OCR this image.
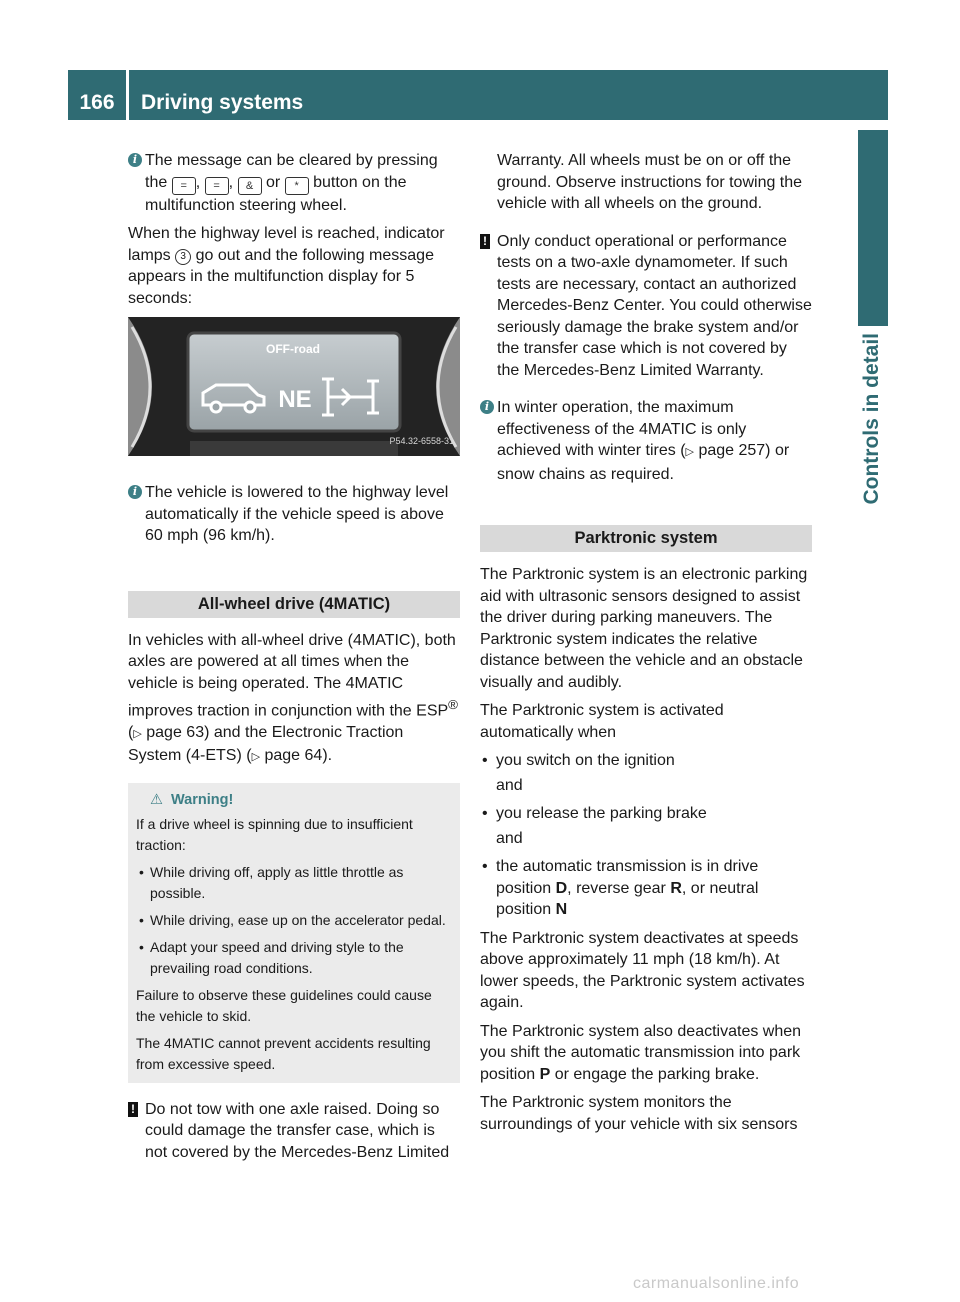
166	Driving systems
Controls in detail
i The message can be cleared by pressing the = , = , & or * button on the multifunction steering wheel.

When the highway level is reached, indicator lamps 3 go out and the following message appears in the multifunction display for 5 seconds:

OFF-road
NE
P54.32-6558-31
i The vehicle is lowered to the highway level automatically if the vehicle speed is above 60 mph (96 km/h).
All-wheel drive (4MATIC)

In vehicles with all-wheel drive (4MATIC), both axles are powered at all times when the vehicle is being operated. The 4MATIC improves traction in conjunction with the ESP® (▷ page 63) and the Electronic Traction System (4-ETS) (▷ page 64).

⚠ Warning!

If a drive wheel is spinning due to insufficient traction:

• While driving off, apply as little throttle as possible.
• While driving, ease up on the accelerator pedal.
• Adapt your speed and driving style to the prevailing road conditions.

Failure to observe these guidelines could cause the vehicle to skid.

The 4MATIC cannot prevent accidents resulting from excessive speed.

! Do not tow with one axle raised. Doing so could damage the transfer case, which is not covered by the Mercedes-Benz Limited
Warranty. All wheels must be on or off the ground. Observe instructions for towing the vehicle with all wheels on the ground.
! Only conduct operational or performance tests on a two-axle dynamometer. If such tests are necessary, contact an authorized Mercedes-Benz Center. You could otherwise seriously damage the brake system and/or the transfer case which is not covered by the Mercedes-Benz Limited Warranty.
i In winter operation, the maximum effectiveness of the 4MATIC is only achieved with winter tires (▷ page 257) or snow chains as required.
Parktronic system

The Parktronic system is an electronic parking aid with ultrasonic sensors designed to assist the driver during parking maneuvers. The Parktronic system indicates the relative distance between the vehicle and an obstacle visually and audibly.

The Parktronic system is activated automatically when

• you switch on the ignition
and
• you release the parking brake
and
• the automatic transmission is in drive position D, reverse gear R, or neutral position N

The Parktronic system deactivates at speeds above approximately 11 mph (18 km/h). At lower speeds, the Parktronic system activates again.

The Parktronic system also deactivates when you shift the automatic transmission into park position P or engage the parking brake.

The Parktronic system monitors the surroundings of your vehicle with six sensors

carmanualsonline.info
